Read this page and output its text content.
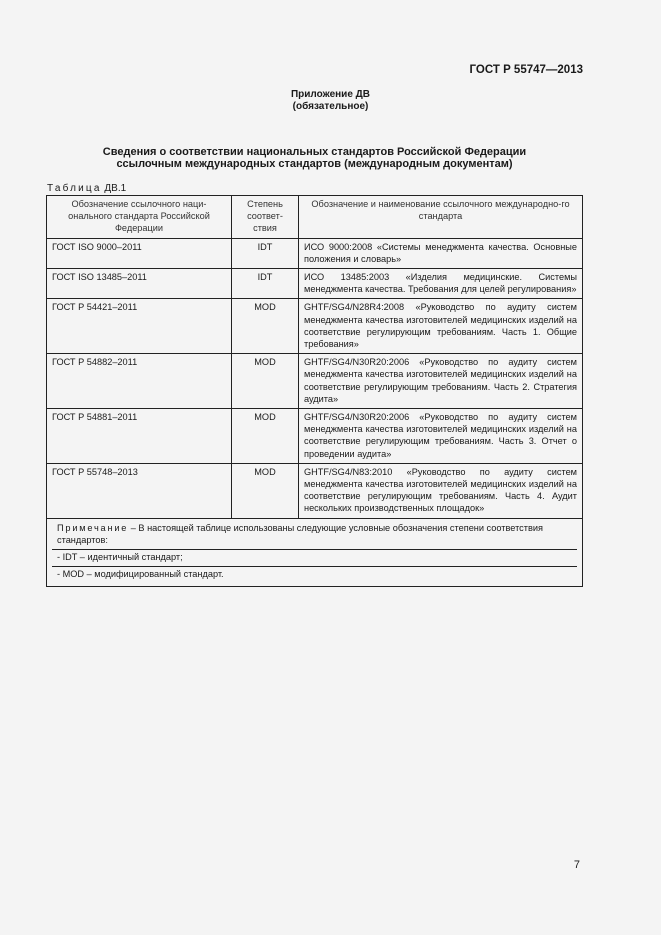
ГОСТ Р 55747—2013
Приложение ДВ
(обязательное)
Сведения о соответствии национальных стандартов Российской Федерации
ссылочным международных стандартов (международным документам)
Таблица ДВ.1
Обозначение ссылочного наци-онального стандарта Российской Федерации	Степень соответ-ствия	Обозначение и наименование ссылочного международно-го стандарта
ГОСТ ISO 9000–2011	IDT	ИСО 9000:2008 «Системы менеджмента качества. Основные положения и словарь»
ГОСТ ISO 13485–2011	IDT	ИСО 13485:2003 «Изделия медицинские. Системы менеджмента качества. Требования для целей регулирования»
ГОСТ Р 54421–2011	MOD	GHTF/SG4/N28R4:2008 «Руководство по аудиту систем менеджмента качества изготовителей медицинских изделий на соответствие регулирующим требованиям. Часть 1. Общие требования»
ГОСТ Р 54882–2011	MOD	GHTF/SG4/N30R20:2006 «Руководство по аудиту систем менеджмента качества изготовителей медицинских изделий на соответствие регулирующим требованиям. Часть 2. Стратегия аудита»
ГОСТ Р 54881–2011	MOD	GHTF/SG4/N30R20:2006 «Руководство по аудиту систем менеджмента качества изготовителей медицинских изделий на соответствие регулирующим требованиям. Часть 3. Отчет о проведении аудита»
ГОСТ Р 55748–2013	MOD	GHTF/SG4/N83:2010 «Руководство по аудиту систем менеджмента качества изготовителей медицинских изделий на соответствие регулирующим требованиям. Часть 4. Аудит нескольких производственных площадок»

Примечание – В настоящей таблице использованы следующие условные обозначения степени соответствия стандартов:
- IDT – идентичный стандарт;
- MOD – модифицированный стандарт.		
7
